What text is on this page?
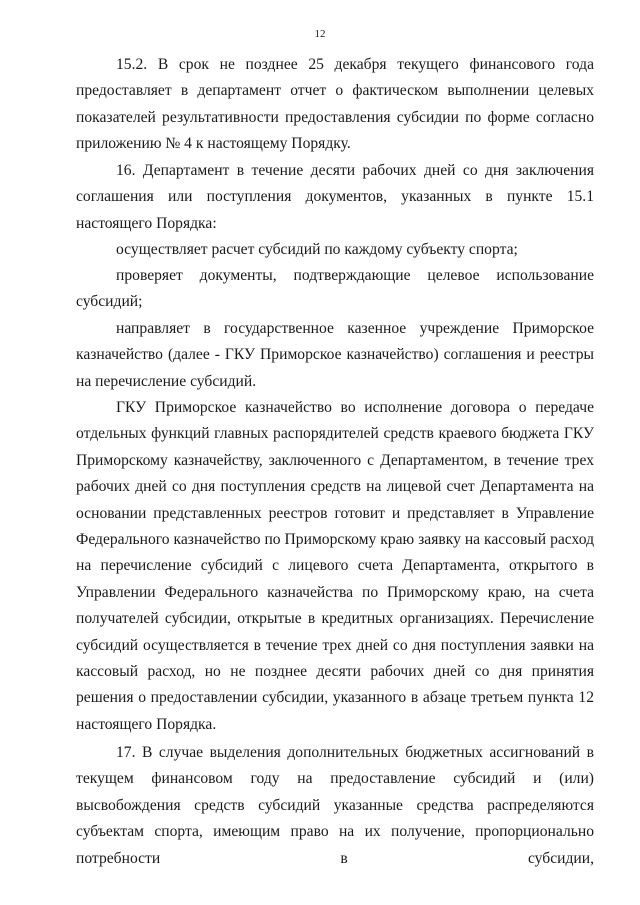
12

15.2. В срок не позднее 25 декабря текущего финансового года предоставляет в департамент отчет о фактическом выполнении целевых показателей результативности предоставления субсидии по форме согласно приложению № 4 к настоящему Порядку.

16. Департамент в течение десяти рабочих дней со дня заключения соглашения или поступления документов, указанных в пункте 15.1 настоящего Порядка:

осуществляет расчет субсидий по каждому субъекту спорта;

проверяет документы, подтверждающие целевое использование субсидий;

направляет в государственное казенное учреждение Приморское казначейство (далее - ГКУ Приморское казначейство) соглашения и реестры на перечисление субсидий.

ГКУ Приморское казначейство во исполнение договора о передаче отдельных функций главных распорядителей средств краевого бюджета ГКУ Приморскому казначейству, заключенного с Департаментом, в течение трех рабочих дней со дня поступления средств на лицевой счет Департамента на основании представленных реестров готовит и представляет в Управление Федерального казначейство по Приморскому краю заявку на кассовый расход на перечисление субсидий с лицевого счета Департамента, открытого в Управлении Федерального казначейства по Приморскому краю, на счета получателей субсидии, открытые в кредитных организациях. Перечисление субсидий осуществляется в течение трех дней со дня поступления заявки на кассовый расход, но не позднее десяти рабочих дней со дня принятия решения о предоставлении субсидии, указанного в абзаце третьем пункта 12 настоящего Порядка.

17. В случае выделения дополнительных бюджетных ассигнований в текущем финансовом году на предоставление субсидий и (или) высвобождения средств субсидий указанные средства распределяются субъектам спорта, имеющим право на их получение, пропорционально потребности в субсидии,
